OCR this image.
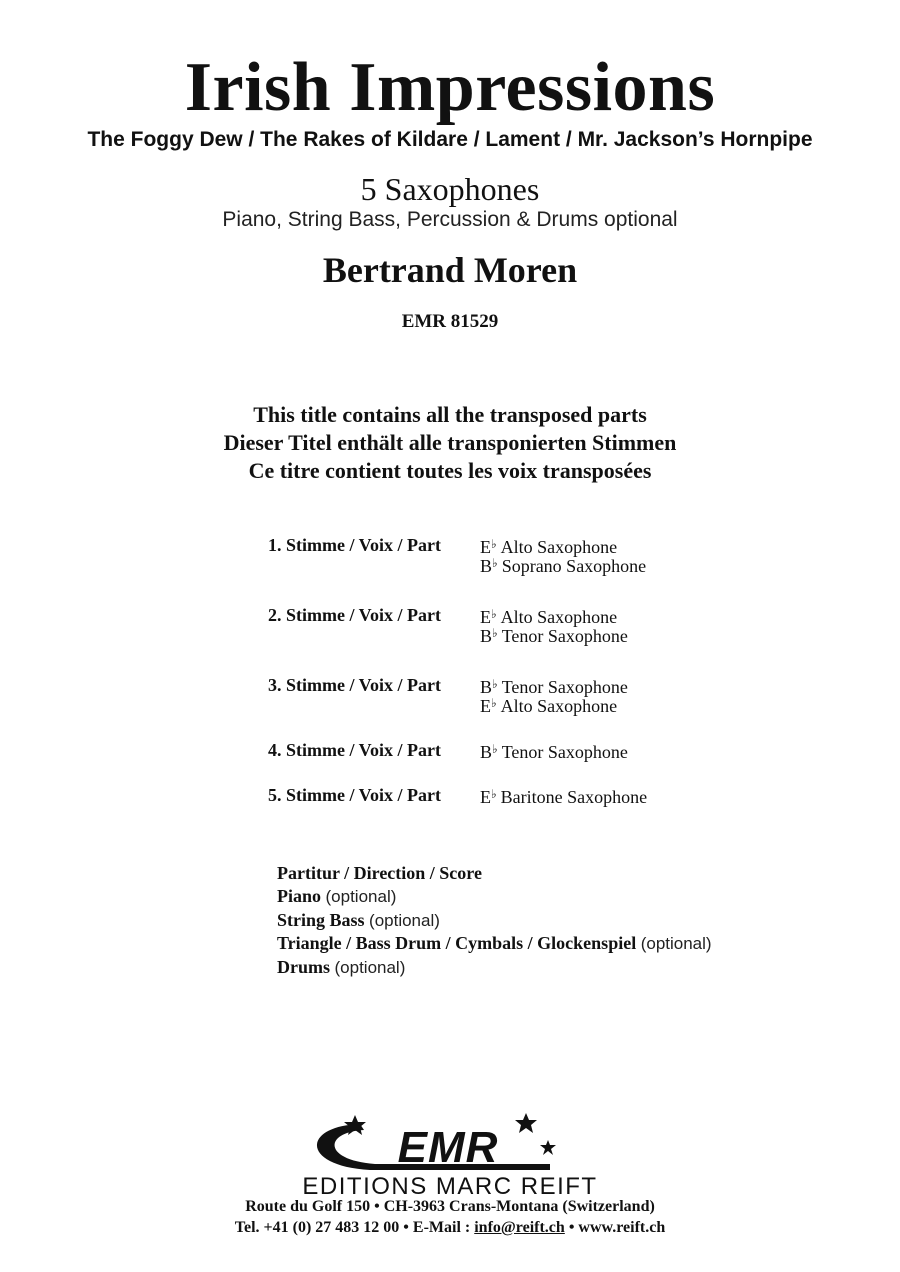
Irish Impressions
The Foggy Dew / The Rakes of Kildare / Lament / Mr. Jackson’s Hornpipe
5 Saxophones
Piano, String Bass, Percussion & Drums optional
Bertrand Moren
EMR 81529
This title contains all the transposed parts
Dieser Titel enthält alle transponierten Stimmen
Ce titre contient toutes les voix transposées
1. Stimme / Voix / Part E♭ Alto Saxophone
B♭ Soprano Saxophone
2. Stimme / Voix / Part E♭ Alto Saxophone
B♭ Tenor Saxophone
3. Stimme / Voix / Part B♭ Tenor Saxophone
E♭ Alto Saxophone
4. Stimme / Voix / Part B♭ Tenor Saxophone
5. Stimme / Voix / Part E♭ Baritone Saxophone
Partitur / Direction / Score
Piano (optional)
String Bass (optional)
Triangle / Bass Drum / Cymbals / Glockenspiel (optional)
Drums (optional)
EMR
EDITIONS MARC REIFT
Route du Golf 150 • CH-3963 Crans-Montana (Switzerland)
Tel. +41 (0) 27 483 12 00 • E-Mail : info@reift.ch • www.reift.ch
